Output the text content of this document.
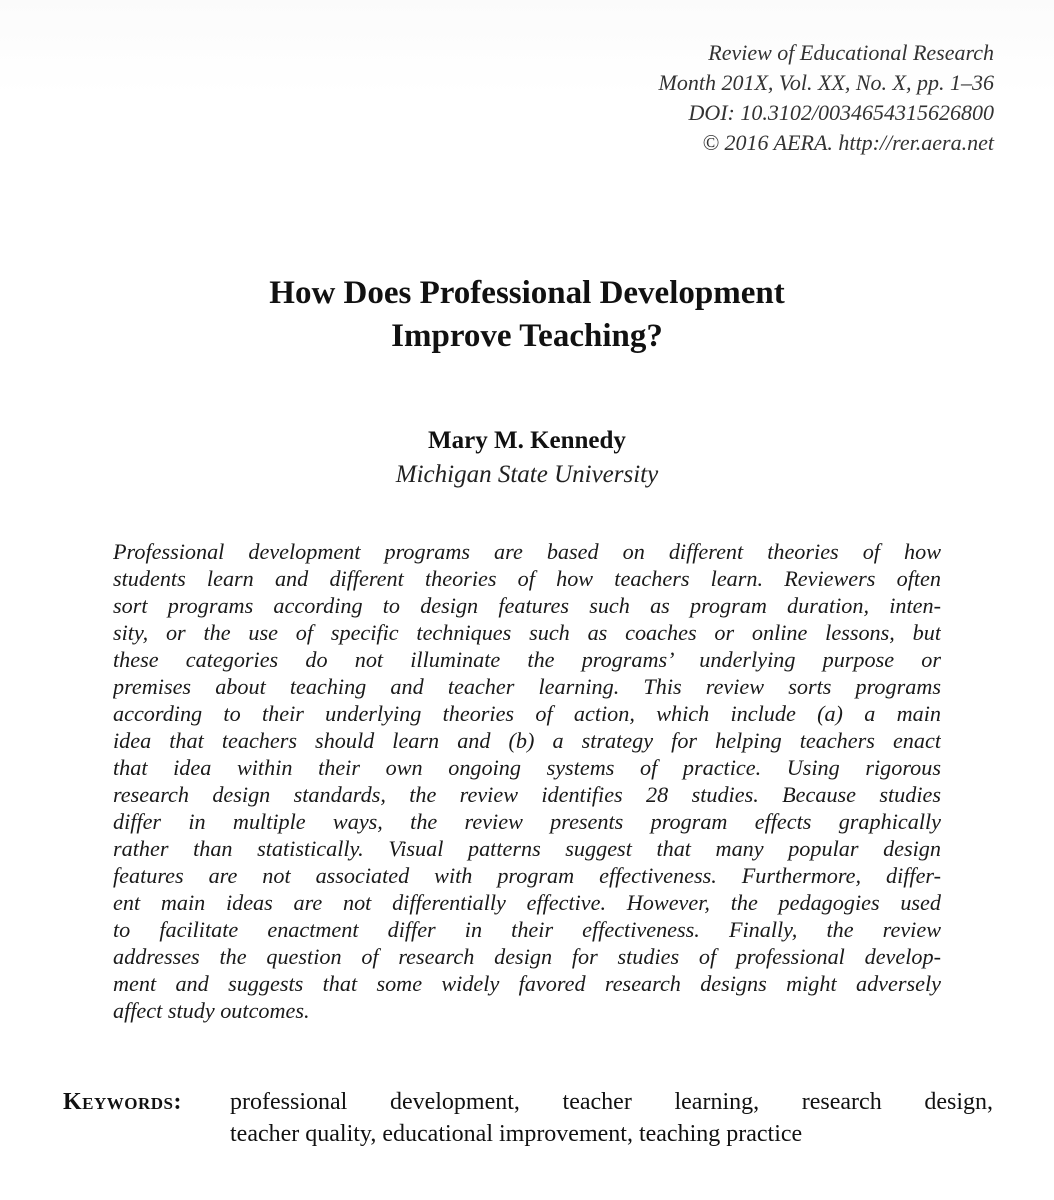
Review of Educational Research
Month 201X, Vol. XX, No. X, pp. 1–36
DOI: 10.3102/0034654315626800
© 2016 AERA. http://rer.aera.net
How Does Professional Development
Improve Teaching?
Mary M. Kennedy
Michigan State University
Professional development programs are based on different theories of how
students learn and different theories of how teachers learn. Reviewers often
sort programs according to design features such as program duration, inten-
sity, or the use of specific techniques such as coaches or online lessons, but
these categories do not illuminate the programs’ underlying purpose or
premises about teaching and teacher learning. This review sorts programs
according to their underlying theories of action, which include (a) a main
idea that teachers should learn and (b) a strategy for helping teachers enact
that idea within their own ongoing systems of practice. Using rigorous
research design standards, the review identifies 28 studies. Because studies
differ in multiple ways, the review presents program effects graphically
rather than statistically. Visual patterns suggest that many popular design
features are not associated with program effectiveness. Furthermore, differ-
ent main ideas are not differentially effective. However, the pedagogies used
to facilitate enactment differ in their effectiveness. Finally, the review
addresses the question of research design for studies of professional develop-
ment and suggests that some widely favored research designs might adversely
affect study outcomes.
Keywords: professional development, teacher learning, research design,
teacher quality, educational improvement, teaching practice
